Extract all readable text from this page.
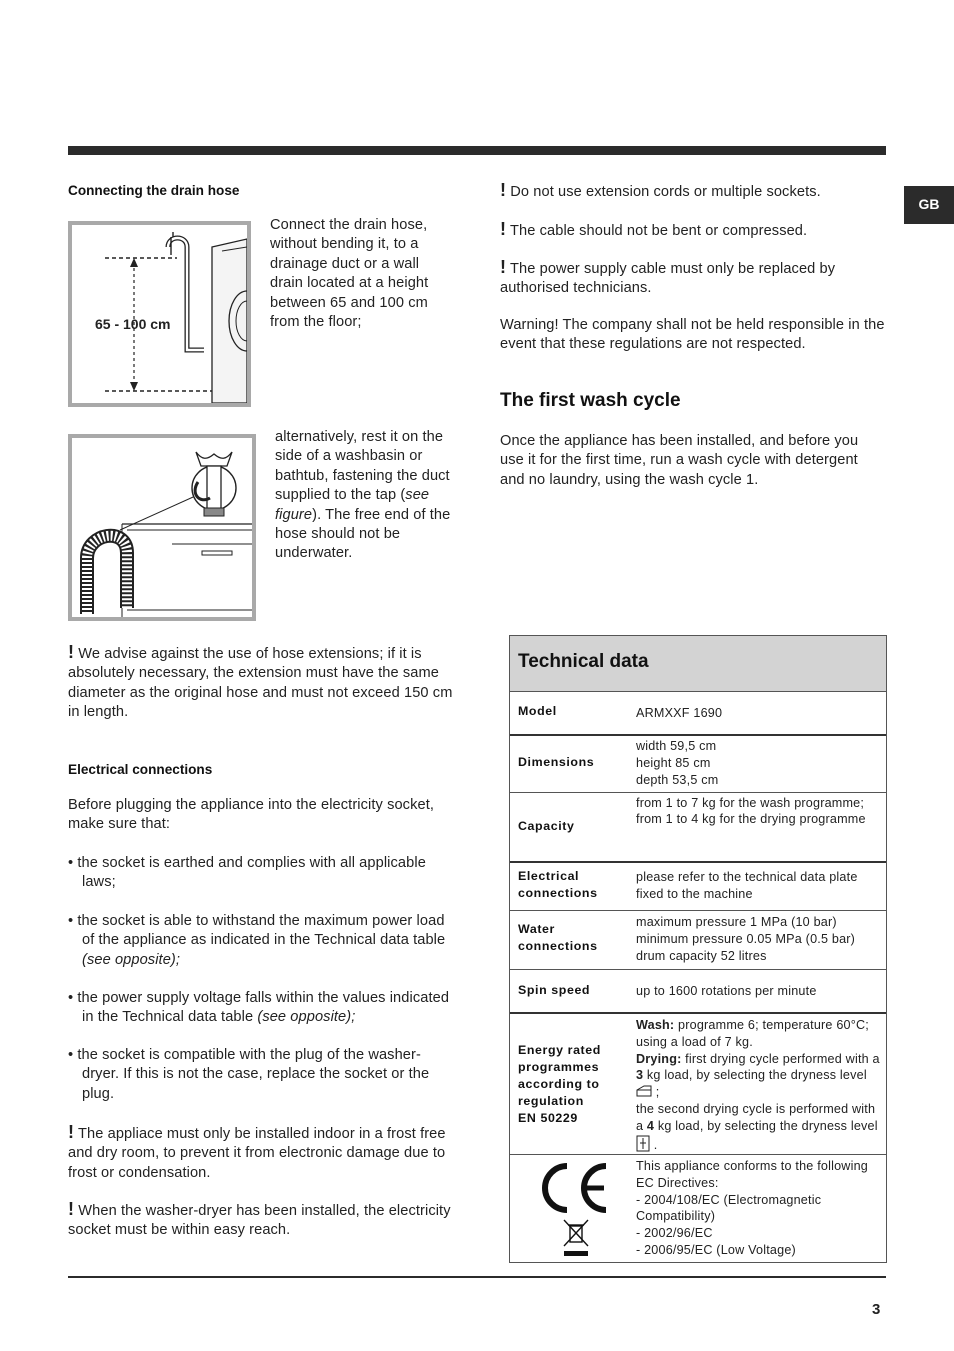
GB
Connecting the drain hose
65 - 100 cm

Connect the drain hose, without bending it, to a drainage duct or a wall drain located at a height between 65 and 100 cm from the floor;

alternatively, rest it on the side of a washbasin or bathtub, fastening the duct supplied to the tap (see figure). The free end of the hose should not be underwater.

! We advise against the use of hose extensions; if it is absolutely necessary, the extension must have the same diameter as the original hose and must not exceed 150 cm in length.

Electrical connections

Before plugging the appliance into the electricity socket, make sure that:

• the socket is earthed and complies with all applicable laws;

• the socket is able to withstand the maximum power load of the appliance as indicated in the Technical data table (see opposite);

• the power supply voltage falls within the values indicated in the Technical data table (see opposite);

• the socket is compatible with the plug of the washer-dryer. If this is not the case, replace the socket or the plug.

! The appliace must only be installed indoor in a frost free and dry room, to prevent it from electronic damage due to frost or condensation.

! When the washer-dryer has been installed, the electricity socket must be within easy reach.

! Do not use extension cords or multiple sockets.

! The cable should not be bent or compressed.

! The power supply cable must only be replaced by authorised technicians.

Warning! The company shall not be held responsible in the event that these regulations are not respected.

The first wash cycle

Once the appliance has been installed, and before you use it for the first time, run a wash cycle with detergent and no laundry, using the wash cycle 1.

Technical data
Model	ARMXXF 1690
Dimensions
width 59,5 cm
height 85 cm
depth 53,5 cm
Capacity
from 1 to 7 kg for the wash programme;
from 1 to 4 kg for the drying programme
Electrical
connections
please refer to the technical data plate fixed to the machine
Water
connections
maximum pressure 1 MPa (10 bar)
minimum pressure 0.05 MPa (0.5 bar)
drum capacity 52 litres
Spin speed	up to 1600 rotations per minute
Energy rated
programmes
according to
regulation
EN 50229
Wash: programme 6; temperature 60°C; using a load of 7 kg.
Drying: first drying cycle performed with a 3 kg load, by selecting the dryness level  ;
the second drying cycle is performed with a 4 kg load, by selecting the dryness level  .
This appliance conforms to the following EC Directives:
- 2004/108/EC (Electromagnetic Compatibility)
- 2002/96/EC
- 2006/95/EC (Low Voltage)
3
